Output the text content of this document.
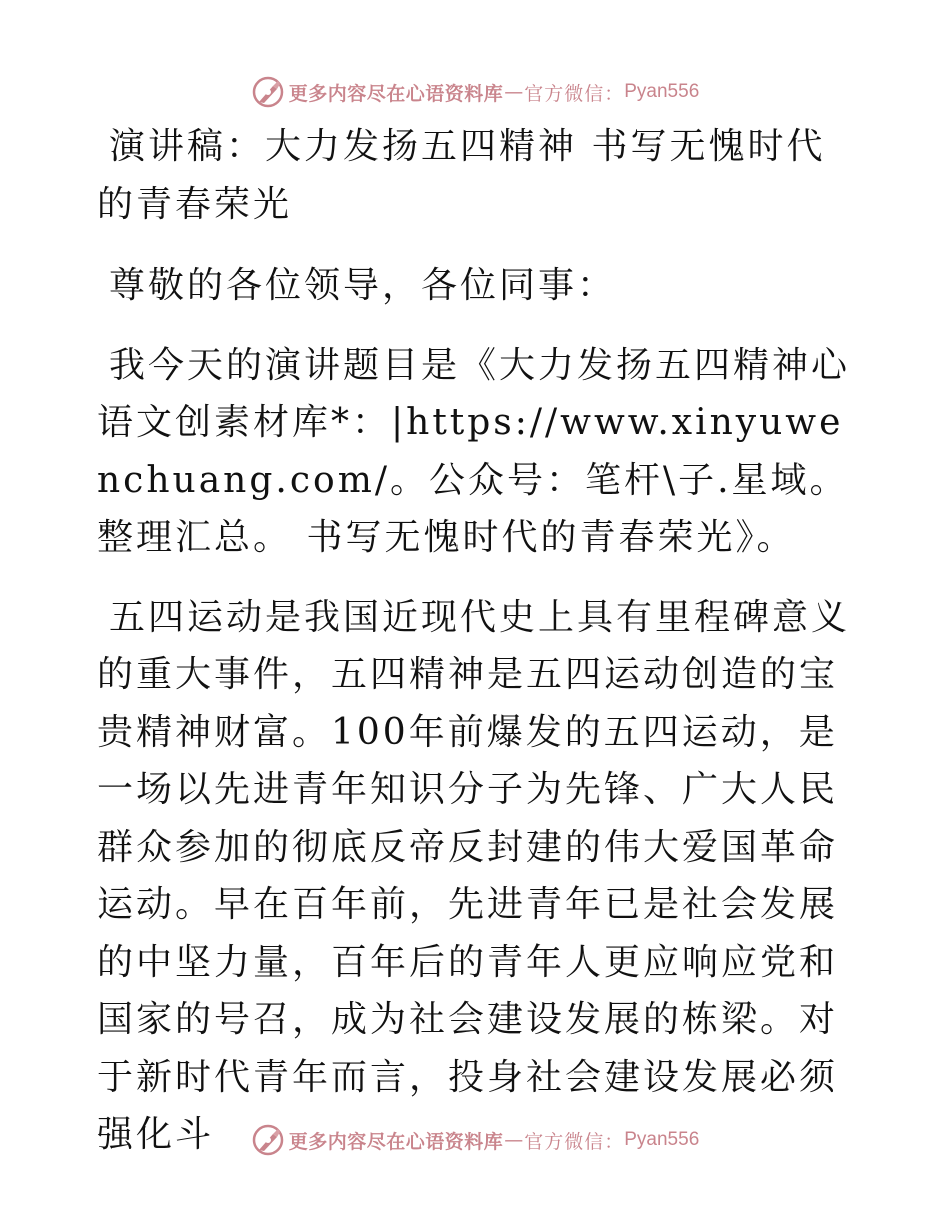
更多内容尽在心语资料库 — 官方微信： Pyan556

演讲稿：大力发扬五四精神 书写无愧时代的青春荣光

尊敬的各位领导，各位同事：

我今天的演讲题目是《大力发扬五四精神心语文创素材库*：|https://www.xinyuwenchuang.com/。公众号：笔杆\子.星域。整理汇总。 书写无愧时代的青春荣光》。

五四运动是我国近现代史上具有里程碑意义的重大事件，五四精神是五四运动创造的宝贵精神财富。100年前爆发的五四运动，是一场以先进青年知识分子为先锋、广大人民群众参加的彻底反帝反封建的伟大爱国革命运动。早在百年前，先进青年已是社会发展的中坚力量，百年后的青年人更应响应党和国家的号召，成为社会建设发展的栋梁。对于新时代青年而言，投身社会建设发展必须强化斗	更多内容尽在心语资料库 — 官方微信： Pyan556
